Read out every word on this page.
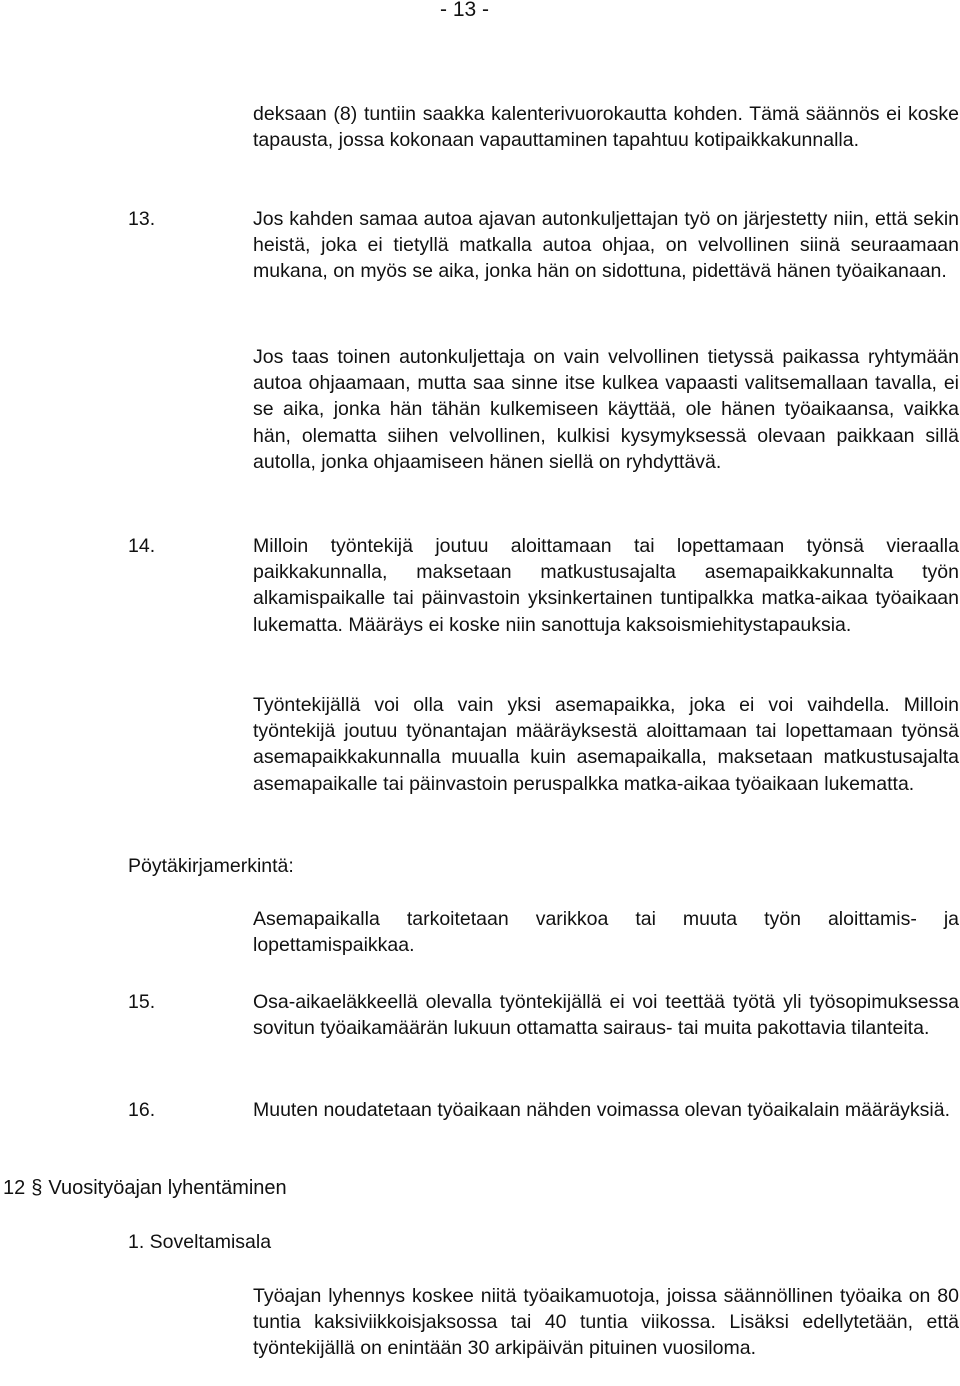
- 13 -
deksaan (8) tuntiin saakka kalenterivuorokautta kohden. Tämä säännös ei koske tapausta, jossa kokonaan vapauttaminen tapahtuu kotipaikkakunnalla.
13.	Jos kahden samaa autoa ajavan autonkuljettajan työ on järjestetty niin, että sekin heistä, joka ei tietyllä matkalla autoa ohjaa, on velvollinen siinä seuraamaan mukana, on myös se aika, jonka hän on sidottuna, pidettävä hänen työaikanaan.
Jos taas toinen autonkuljettaja on vain velvollinen tietyssä paikassa ryhtymään autoa ohjaamaan, mutta saa sinne itse kulkea vapaasti valitsemallaan tavalla, ei se aika, jonka hän tähän kulkemiseen käyttää, ole hänen työaikaansa, vaikka hän, olematta siihen velvollinen, kulkisi kysymyksessä olevaan paikkaan sillä autolla, jonka ohjaamiseen hänen siellä on ryhdyttävä.
14.	Milloin työntekijä joutuu aloittamaan tai lopettamaan työnsä vieraalla paikkakunnalla, maksetaan matkustusajalta asemapaikkakunnalta työn alkamispaikalle tai päinvastoin yksinkertainen tuntipalkka matka-aikaa työaikaan lukematta. Määräys ei koske niin sanottuja kaksoismiehitystapauksia.
Työntekijällä voi olla vain yksi asemapaikka, joka ei voi vaihdella. Milloin työntekijä joutuu työnantajan määräyksestä aloittamaan tai lopettamaan työnsä asemapaikkakunnalla muualla kuin asemapaikalla, maksetaan matkustusajalta asemapaikalle tai päinvastoin peruspalkka matka-aikaa työaikaan lukematta.
Pöytäkirjamerkintä:
Asemapaikalla tarkoitetaan varikkoa tai muuta työn aloittamis- ja lopettamispaikkaa.
15.	Osa-aikaeläkkeellä olevalla työntekijällä ei voi teettää työtä yli työsopimuksessa sovitun työaikamäärän lukuun ottamatta sairaus- tai muita pakottavia tilanteita.
16.	Muuten noudatetaan työaikaan nähden voimassa olevan työaikalain määräyksiä.
12 § Vuosityöajan lyhentäminen
1. Soveltamisala
Työajan lyhennys koskee niitä työaikamuotoja, joissa säännöllinen työaika on 80 tuntia kaksiviikkoisjaksossa tai 40 tuntia viikossa. Lisäksi edellytetään, että työntekijällä on enintään 30 arkipäivän pituinen vuosiloma.
